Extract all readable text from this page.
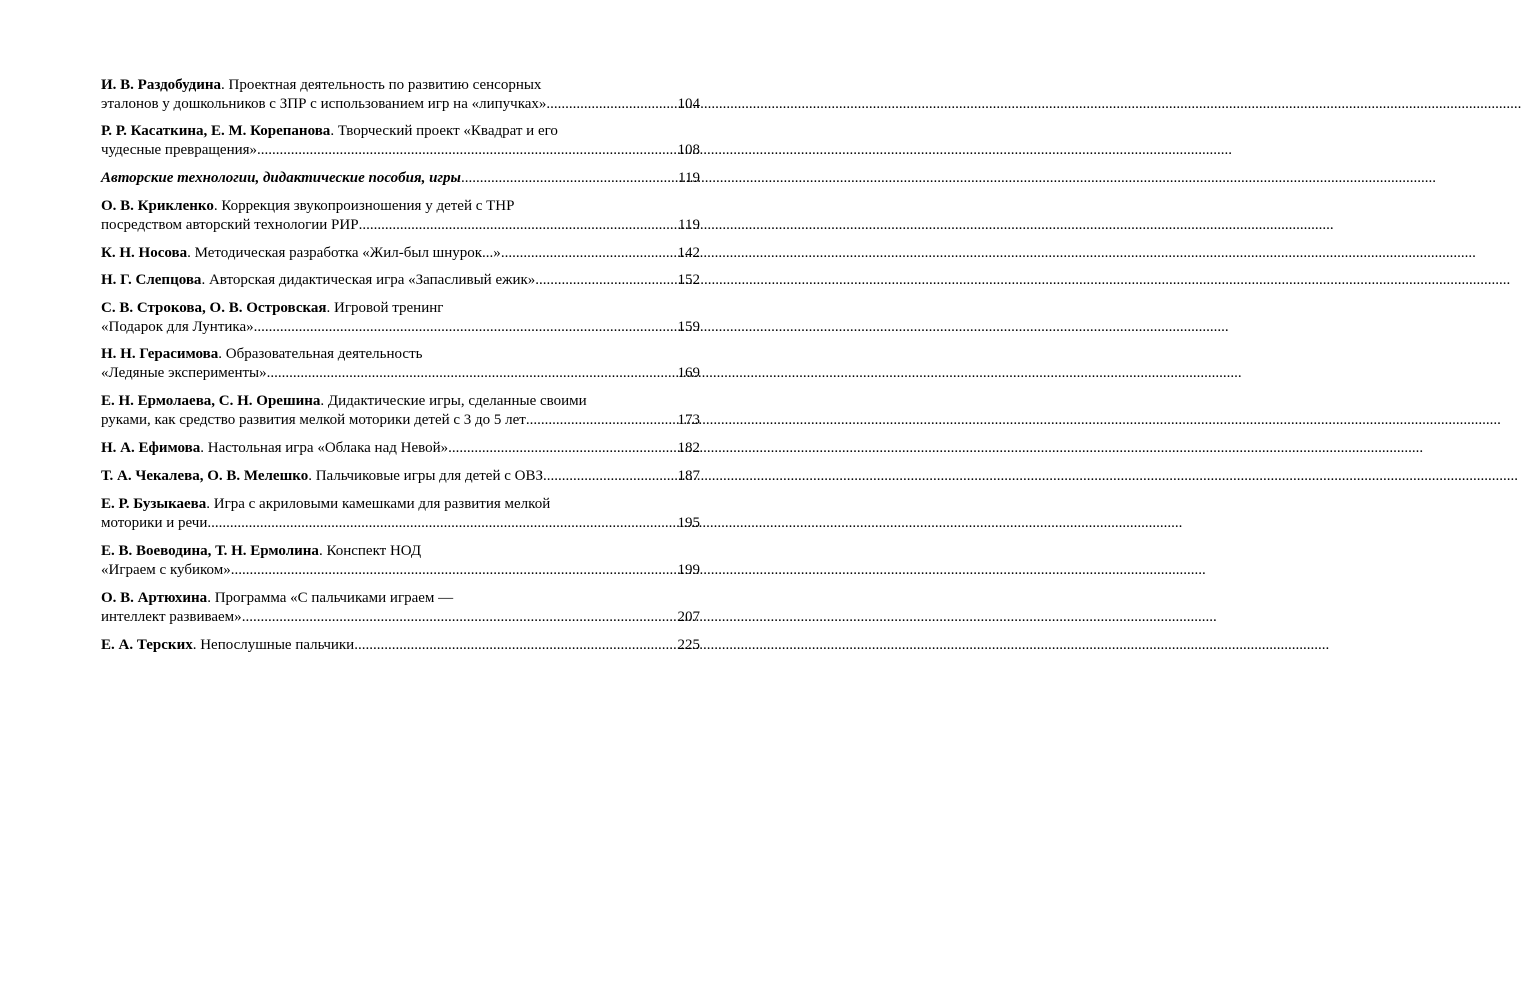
И. В. Раздобудина. Проектная деятельность по развитию сенсорных
эталонов у дошкольников с ЗПР с использованием игр на «липучках» .....	104
Р. Р. Касаткина, Е. М. Корепанова. Творческий проект «Квадрат и его
чудесные превращения» .....	108
Авторские технологии, дидактические пособия, игры .....	119
О. В. Крикленко. Коррекция звукопроизношения у детей с ТНР
посредством авторский технологии РИР .....	119
К. Н. Носова. Методическая разработка «Жил-был шнурок...» .....	142
Н. Г. Слепцова. Авторская дидактическая игра «Запасливый ежик» .....	152
С. В. Строкова, О. В. Островская. Игровой тренинг
«Подарок для Лунтика» .....	159
Н. Н. Герасимова. Образовательная деятельность
«Ледяные эксперименты» .....	169
Е. Н. Ермолаева, С. Н. Орешина. Дидактические игры, сделанные своими
руками, как средство развития мелкой моторики детей с 3 до 5 лет .....	173
Н. А. Ефимова. Настольная игра «Облака над Невой» .....	182
Т. А. Чекалева, О. В. Мелешко. Пальчиковые игры для детей с ОВЗ .....	187
Е. Р. Бузыкаева. Игра с акриловыми камешками для развития мелкой
моторики и речи .....	195
Е. В. Воеводина, Т. Н. Ермолина. Конспект НОД
«Играем с кубиком» .....	199
О. В. Артюхина. Программа «С пальчиками играем —
интеллект развиваем» .....	207
Е. А. Терских. Непослушные пальчики .....	225
